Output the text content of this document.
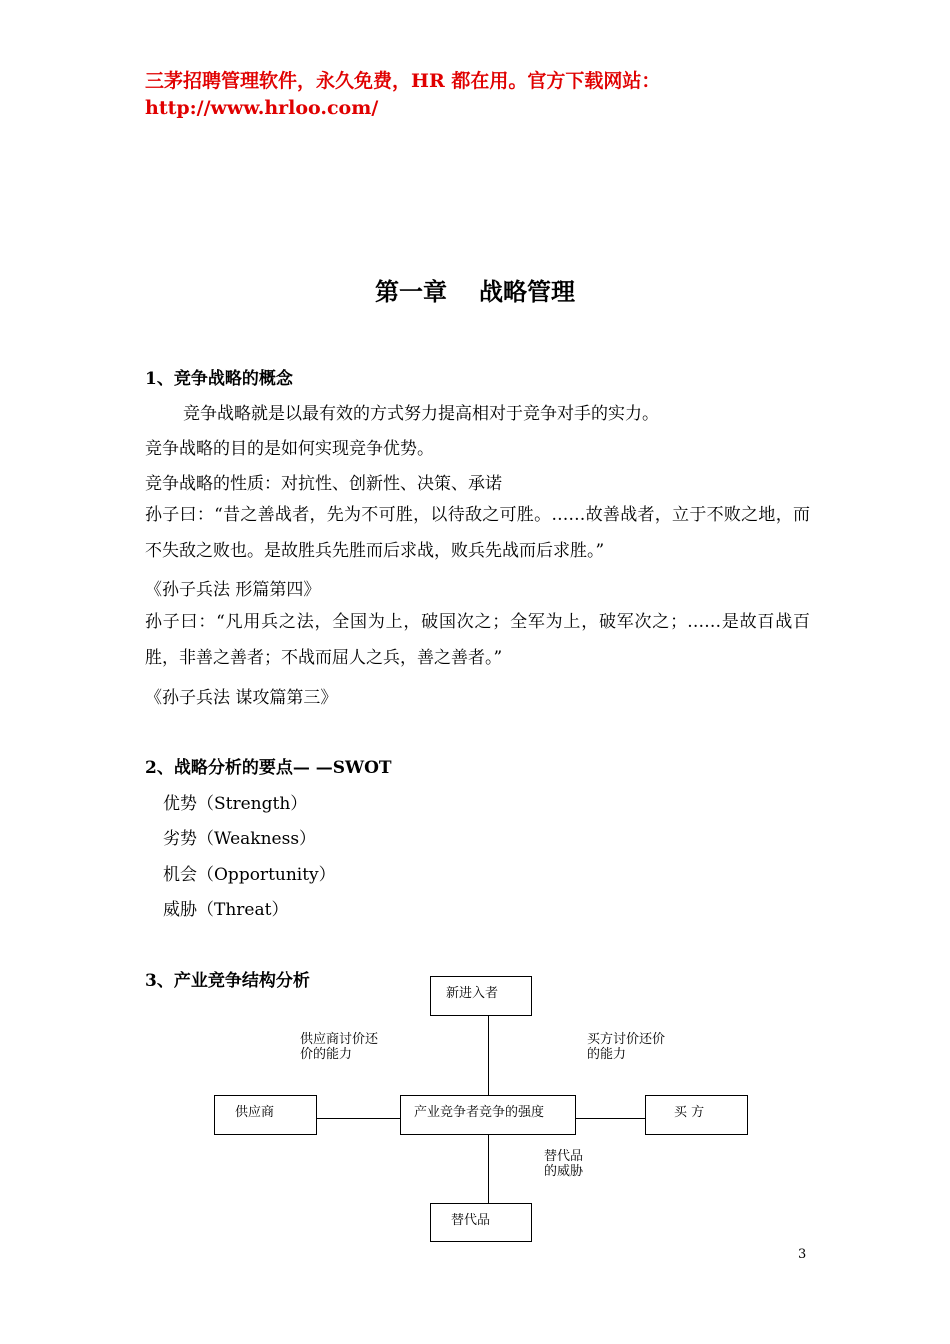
三茅招聘管理软件，永久免费，HR 都在用。官方下载网站：http://www.hrloo.com/
第一章 战略管理
1、竞争战略的概念
竞争战略就是以最有效的方式努力提高相对于竞争对手的实力。
竞争战略的目的是如何实现竞争优势。
竞争战略的性质：对抗性、创新性、决策、承诺
孙子曰：“昔之善战者，先为不可胜，以待敌之可胜。……故善战者，立于不败之地，而不失敌之败也。是故胜兵先胜而后求战，败兵先战而后求胜。”
《孙子兵法 形篇第四》
孙子曰：“凡用兵之法，全国为上，破国次之；全军为上，破军次之；……是故百战百胜，非善之善者；不战而屈人之兵，善之善者。”
《孙子兵法 谋攻篇第三》
2、战略分析的要点— —SWOT
优势（Strength）
劣势（Weakness）
机会（Opportunity）
威胁（Threat）
3、产业竞争结构分析
新进入者
供应商	产业竞争者竞争的强度	买 方
替代品
供应商讨价还价的能力
买方讨价还价的能力
替代品的威胁
3
